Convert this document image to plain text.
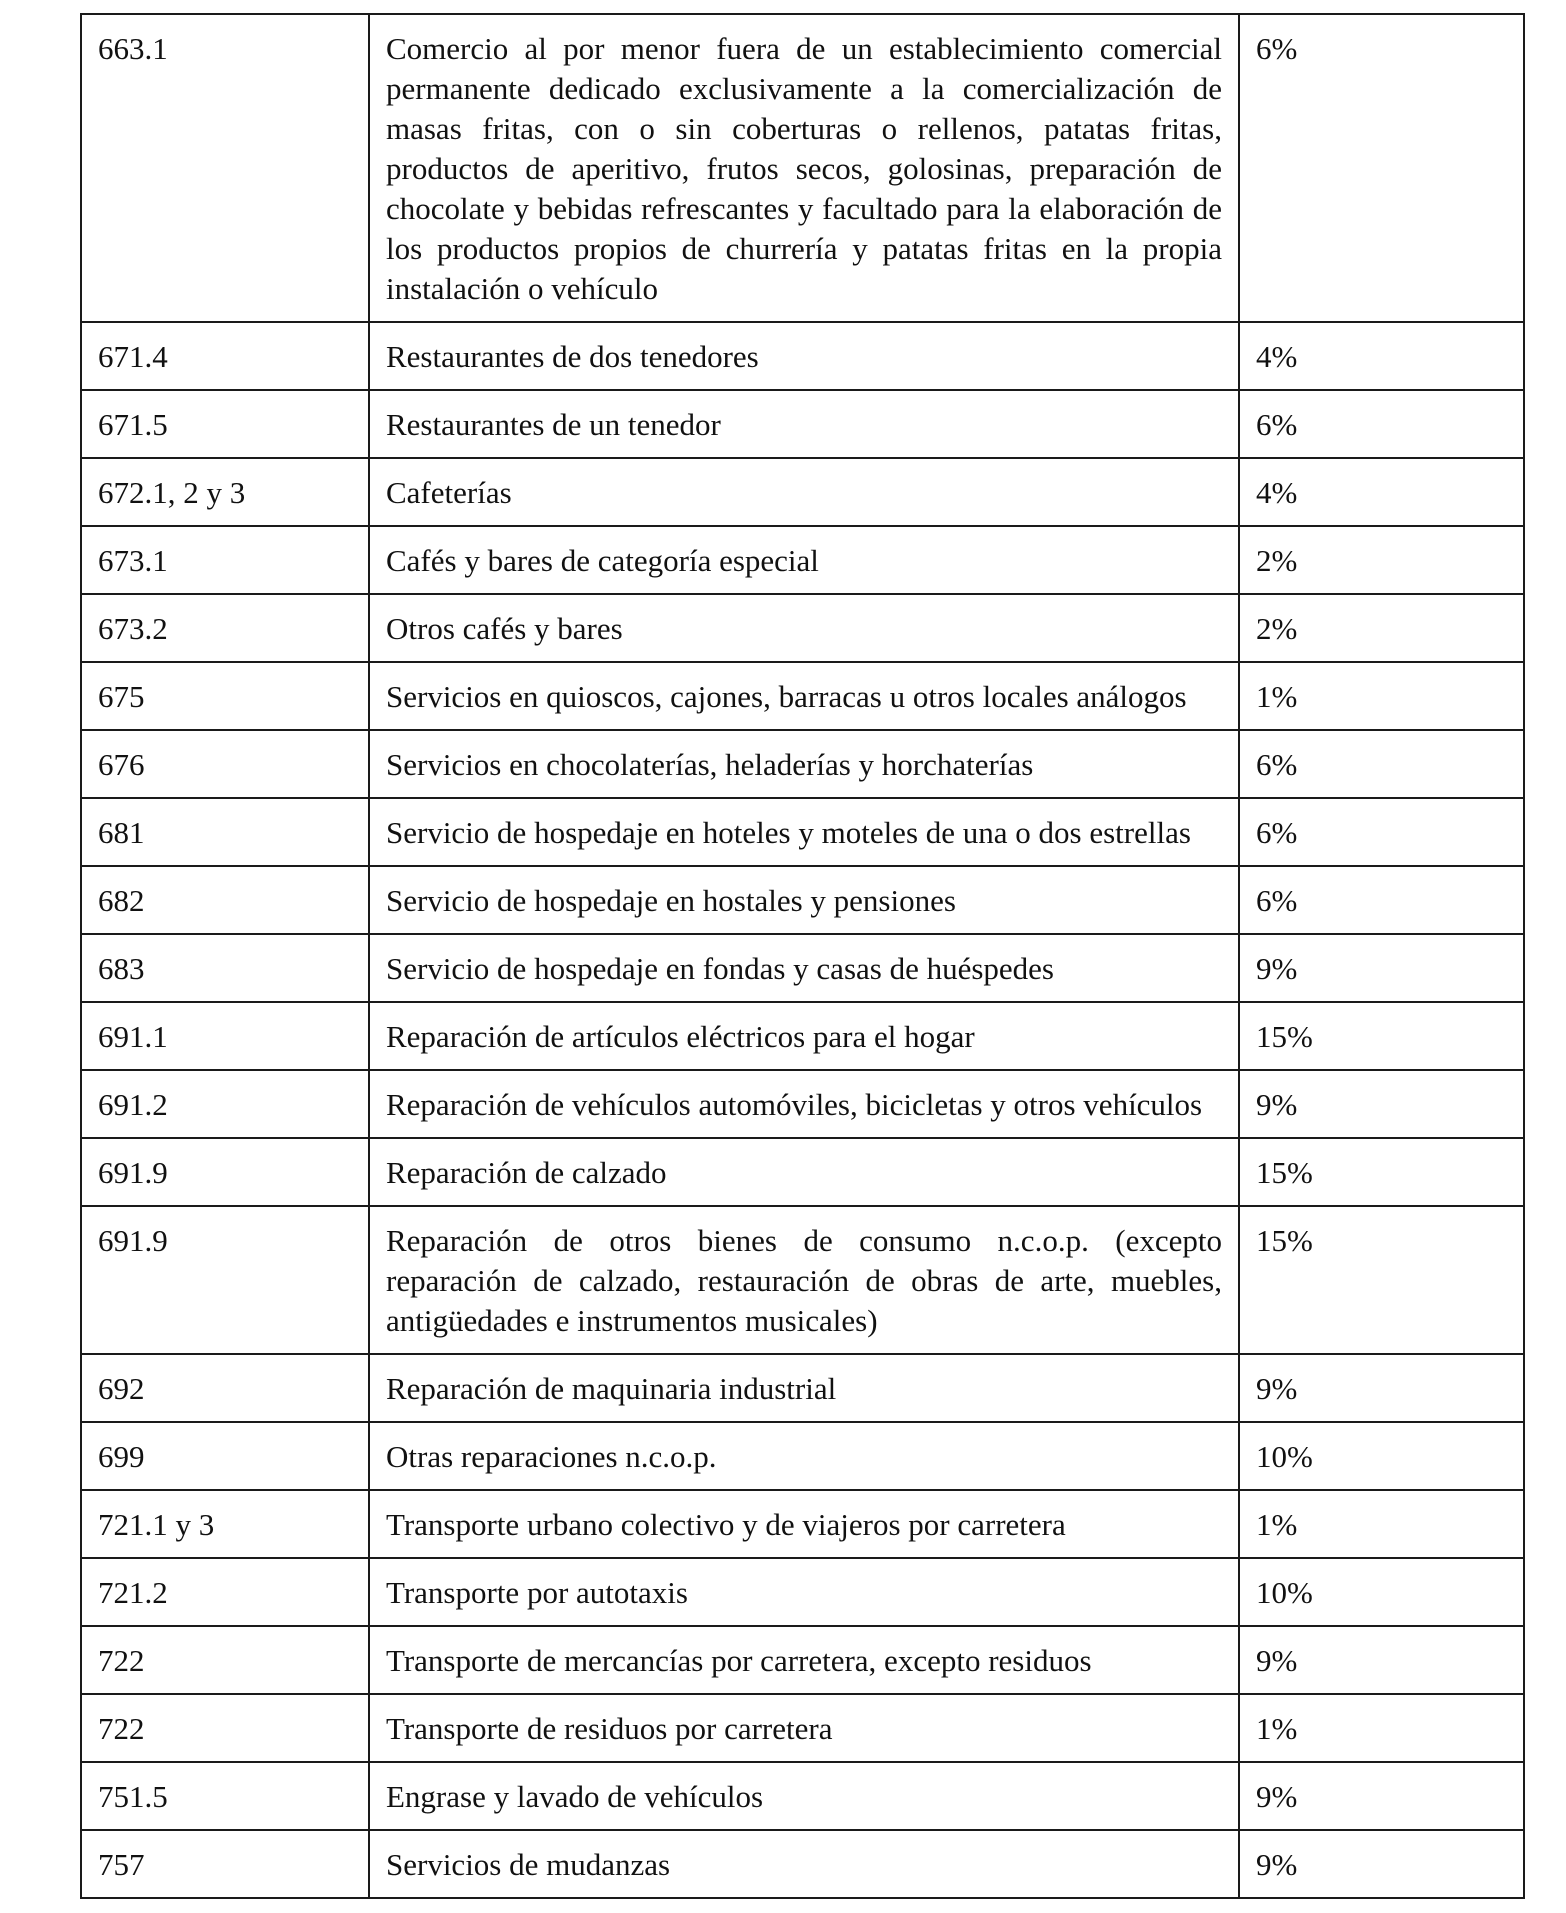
663.1	Comercio al por menor fuera de un establecimiento comercial permanente dedicado exclusivamente a la comercialización de masas fritas, con o sin coberturas o rellenos, patatas fritas, productos de aperitivo, frutos secos, golosinas, preparación de chocolate y bebidas refrescantes y facultado para la elaboración de los productos propios de churrería y patatas fritas en la propia instalación o vehículo	6%
671.4	Restaurantes de dos tenedores	4%
671.5	Restaurantes de un tenedor	6%
672.1, 2 y 3	Cafeterías	4%
673.1	Cafés y bares de categoría especial	2%
673.2	Otros cafés y bares	2%
675	Servicios en quioscos, cajones, barracas u otros locales análogos	1%
676	Servicios en chocolaterías, heladerías y horchaterías	6%
681	Servicio de hospedaje en hoteles y moteles de una o dos estrellas	6%
682	Servicio de hospedaje en hostales y pensiones	6%
683	Servicio de hospedaje en fondas y casas de huéspedes	9%
691.1	Reparación de artículos eléctricos para el hogar	15%
691.2	Reparación de vehículos automóviles, bicicletas y otros vehículos	9%
691.9	Reparación de calzado	15%
691.9	Reparación de otros bienes de consumo n.c.o.p. (excepto reparación de calzado, restauración de obras de arte, muebles, antigüedades e instrumentos musicales)	15%
692	Reparación de maquinaria industrial	9%
699	Otras reparaciones n.c.o.p.	10%
721.1 y 3	Transporte urbano colectivo y de viajeros por carretera	1%
721.2	Transporte por autotaxis	10%
722	Transporte de mercancías por carretera, excepto residuos	9%
722	Transporte de residuos por carretera	1%
751.5	Engrase y lavado de vehículos	9%
757	Servicios de mudanzas	9%
